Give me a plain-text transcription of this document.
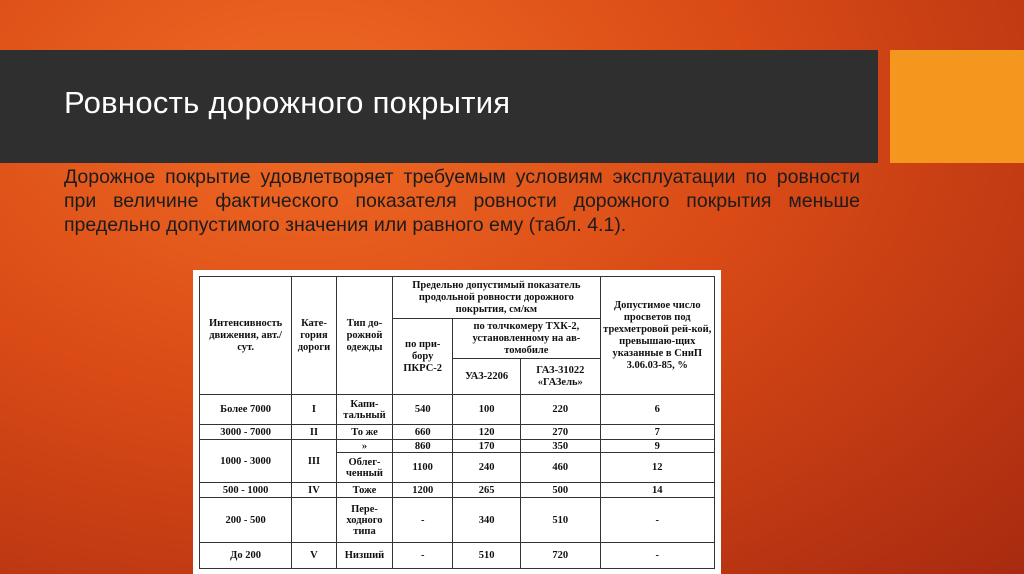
Ровность дорожного покрытия
Дорожное покрытие удовлетворяет требуемым условиям эксплуатации по ровности при величине фактического показателя ровности дорожного покрытия меньше предельно допустимого значения или равного ему (табл. 4.1).
Интенсивность движения, авт./сут.	Кате-гория дороги	Тип до-рожной одежды	Предельно допустимый показатель продольной ровности дорожного покрытия, см/км			Допустимое число просветов под трехметровой рей-кой, превышаю-щих указанные в СниП 3.06.03-85, %
			по при-бору ПКРС-2	по толчкомеру ТХК-2, установленному на ав-томобиле		
				УАЗ-2206	ГАЗ-31022 «ГАЗель»	
Более 7000	I	Капи-тальный	540	100	220	6
3000 - 7000	II	То же	660	120	270	7
1000 - 3000	III	»	860	170	350	9
		Облег-ченный	1100	240	460	12
500 - 1000	IV	Тоже	1200	265	500	14
200 - 500		Пере-ходного типа	-	340	510	-
До 200	V	Низший	-	510	720	-
